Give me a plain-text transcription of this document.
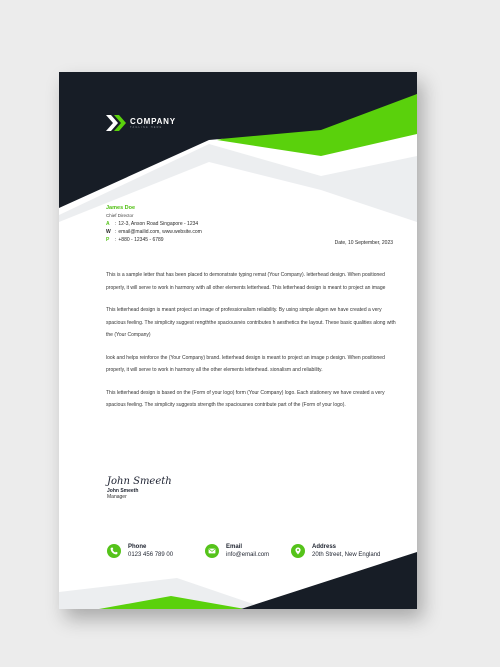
COMPANY
TAGLINE HERE
James Doe
Chief Director
A : 12-3, Anson Road Singapore - 1234
W : email@mailid.com, www.website.com
P : +880 - 12345 - 6789	Date, 10 September, 2023

This is a sample letter that has been placed to demonstrate typing remat (Your Company). letterhead design. When positioned properly, it will serve to work in harmony with all other elements letterhead. This letterhead design is meant to project an image

This letterhead design is meant project an image of professionalism reliability. By using simple aligen we have created a very spacious feeling. The simplicity suggest rengththe spaciousnės contributes h aesthetics the layout. These basic qualities along with the (Your Company)

look and helps reinforce the (Your Company) brand. letterhead design is meant to project an image p design. When positioned properly, it will serve to work in harmony all the other elements letterhead. sionalism and reliability.

This letterhead design is based on the (Form of your logo) form (Your Company) logo. Each stationery we have created a very spacious feeling. The simplicity suggests strength the spaciousnes contribute part of the (Form of your logo).

John Smeeth
John Smeeth
Manager
Phone
0123 456 789 00
Email
info@email.com
Address
20th Street, New England
